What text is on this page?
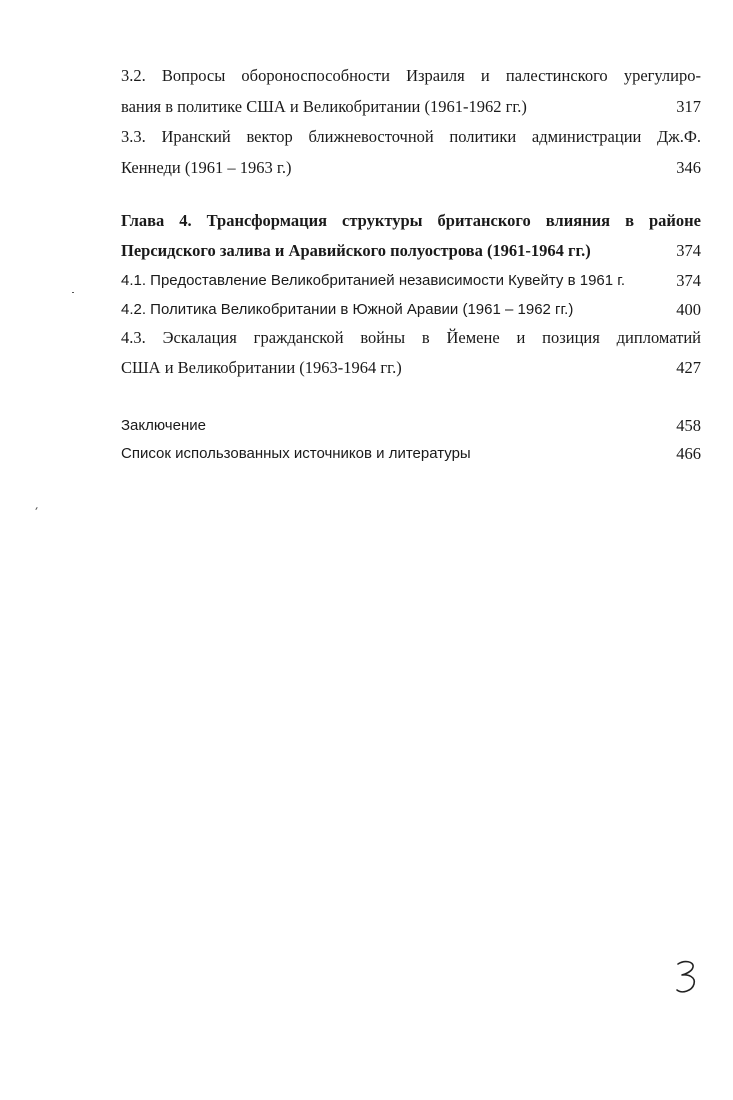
3.2. Вопросы обороноспособности Израиля и палестинского урегулиро-
вания в политике США и Великобритании (1961-1962 гг.)	317
3.3. Иранский вектор ближневосточной политики администрации Дж.Ф.
Кеннеди (1961 – 1963 г.)	346
Глава 4. Трансформация структуры британского влияния в районе
Персидского залива и Аравийского полуострова (1961-1964 гг.)	374
4.1. Предоставление Великобританией независимости Кувейту в 1961 г.	374
4.2. Политика Великобритании в Южной Аравии (1961 – 1962 гг.)	400
4.3. Эскалация гражданской войны в Йемене и позиция дипломатий
США и Великобритании (1963-1964 гг.)	427
Заключение	458
Список использованных источников и литературы	466
